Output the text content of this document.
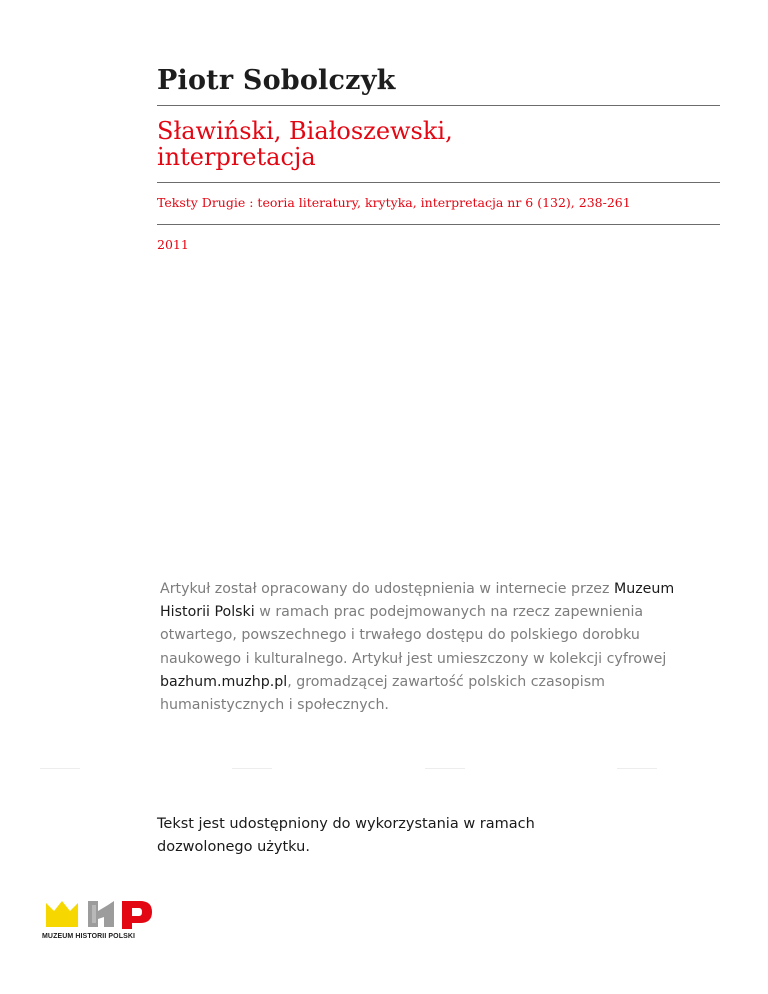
Piotr Sobolczyk
Sławiński, Białoszewski,
interpretacja
Teksty Drugie : teoria literatury, krytyka, interpretacja nr 6 (132), 238-261
2011
Artykuł został opracowany do udostępnienia w internecie przez Muzeum Historii Polski w ramach prac podejmowanych na rzecz zapewnienia otwartego, powszechnego i trwałego dostępu do polskiego dorobku naukowego i kulturalnego. Artykuł jest umieszczony w kolekcji cyfrowej bazhum.muzhp.pl, gromadzącej zawartość polskich czasopism humanistycznych i społecznych.
Tekst jest udostępniony do wykorzystania w ramach dozwolonego użytku.
MUZEUM HISTORII POLSKI
